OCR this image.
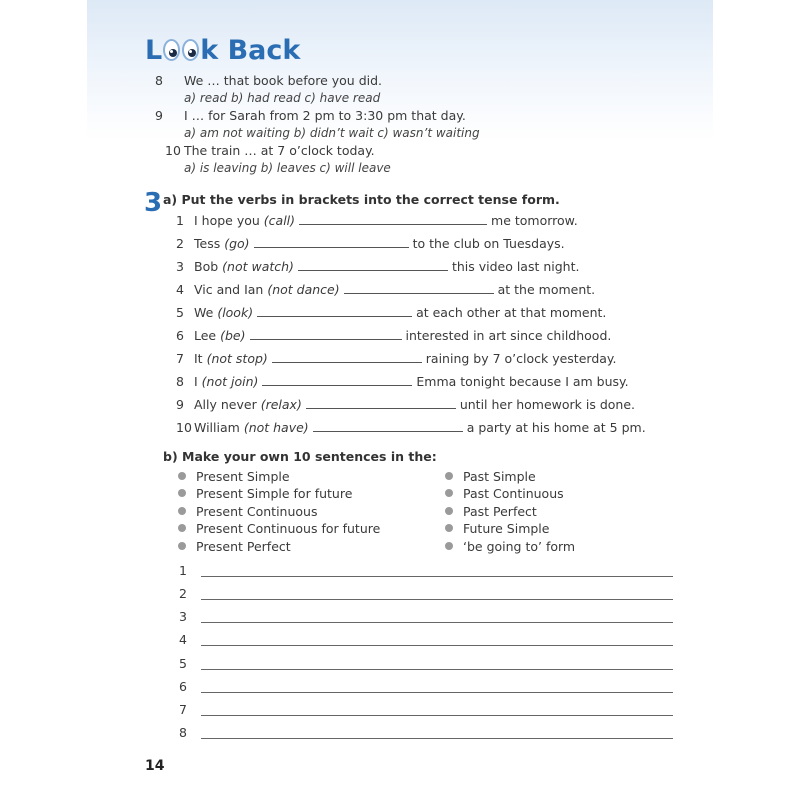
L k Back
8 We … that book before you did.
a) read b) had read c) have read
9 I … for Sarah from 2 pm to 3:30 pm that day.
a) am not waiting b) didn’t wait c) wasn’t waiting
10 The train … at 7 o’clock today.
a) is leaving b) leaves c) will leave
3 a) Put the verbs in brackets into the correct tense form.
1 I hope you (call)	me tomorrow.
2 Tess (go)	to the club on Tuesdays.
3 Bob (not watch)	this video last night.
4 Vic and Ian (not dance)	at the moment.
5 We (look)	at each other at that moment.
6 Lee (be)	interested in art since childhood.
7 It (not stop)	raining by 7 o’clock yesterday.
8 I (not join)	Emma tonight because I am busy.
9 Ally never (relax)	until her homework is done.
10 William (not have)	a party at his home at 5 pm.
b) Make your own 10 sentences in the:
Present Simple
Present Simple for future
Present Continuous
Present Continuous for future
Present Perfect
Past Simple
Past Continuous
Past Perfect
Future Simple
‘be going to’ form
1
2
3
4
5
6
7
8
14
